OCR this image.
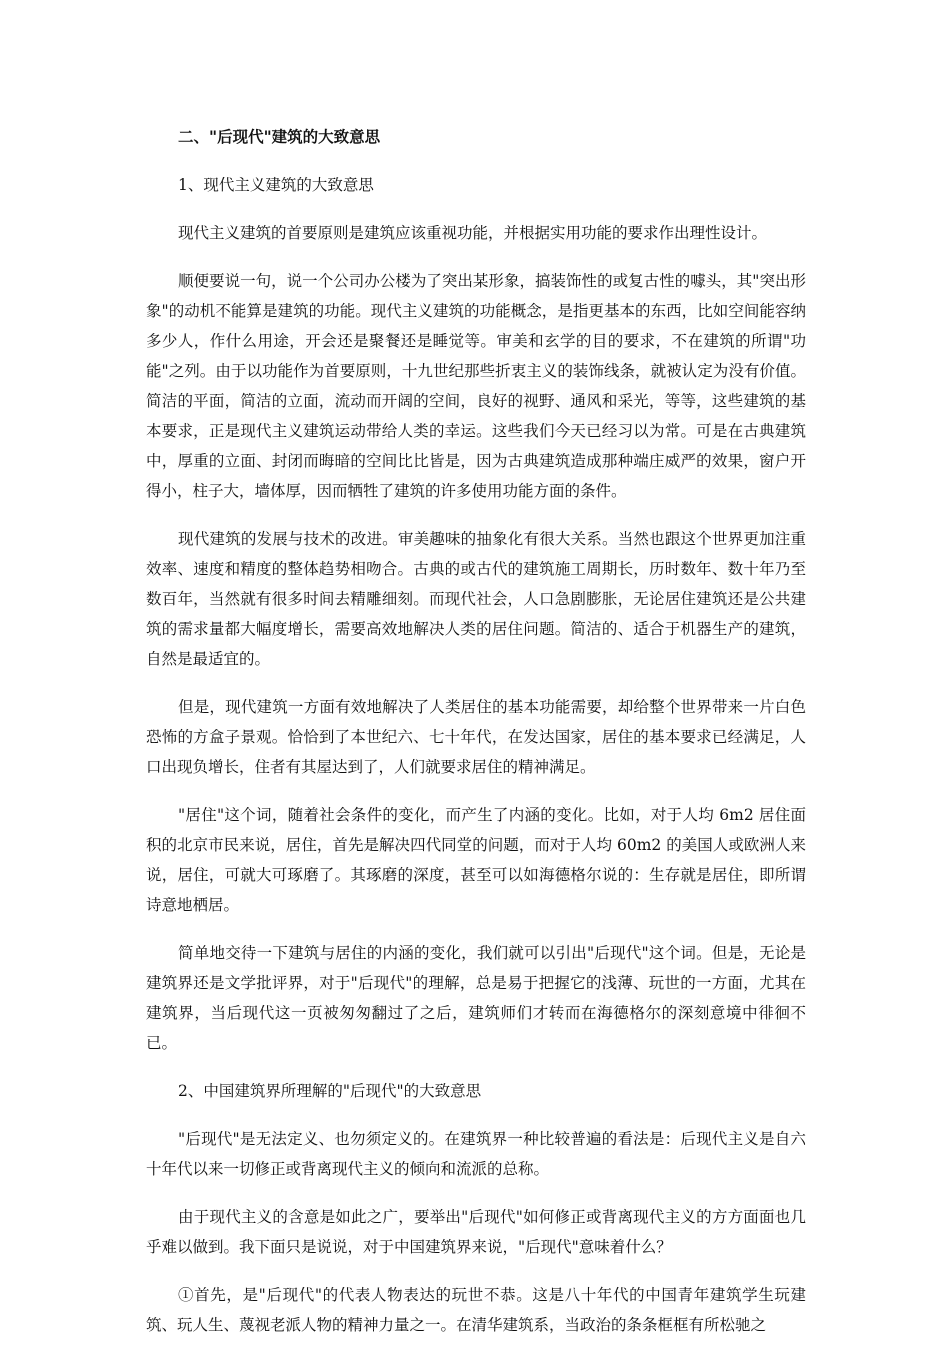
二、"后现代"建筑的大致意思

1、现代主义建筑的大致意思

现代主义建筑的首要原则是建筑应该重视功能，并根据实用功能的要求作出理性设计。

顺便要说一句，说一个公司办公楼为了突出某形象，搞装饰性的或复古性的噱头，其"突出形象"的动机不能算是建筑的功能。现代主义建筑的功能概念，是指更基本的东西，比如空间能容纳多少人，作什么用途，开会还是聚餐还是睡觉等。审美和玄学的目的要求，不在建筑的所谓"功能"之列。由于以功能作为首要原则，十九世纪那些折衷主义的装饰线条，就被认定为没有价值。简洁的平面，简洁的立面，流动而开阔的空间，良好的视野、通风和采光，等等，这些建筑的基本要求，正是现代主义建筑运动带给人类的幸运。这些我们今天已经习以为常。可是在古典建筑中，厚重的立面、封闭而晦暗的空间比比皆是，因为古典建筑造成那种端庄威严的效果，窗户开得小，柱子大，墙体厚，因而牺牲了建筑的许多使用功能方面的条件。

现代建筑的发展与技术的改进。审美趣味的抽象化有很大关系。当然也跟这个世界更加注重效率、速度和精度的整体趋势相吻合。古典的或古代的建筑施工周期长，历时数年、数十年乃至数百年，当然就有很多时间去精雕细刻。而现代社会，人口急剧膨胀，无论居住建筑还是公共建筑的需求量都大幅度增长，需要高效地解决人类的居住问题。简洁的、适合于机器生产的建筑，自然是最适宜的。

但是，现代建筑一方面有效地解决了人类居住的基本功能需要，却给整个世界带来一片白色恐怖的方盒子景观。恰恰到了本世纪六、七十年代，在发达国家，居住的基本要求已经满足，人口出现负增长，住者有其屋达到了，人们就要求居住的精神满足。

"居住"这个词，随着社会条件的变化，而产生了内涵的变化。比如，对于人均 6m2 居住面积的北京市民来说，居住，首先是解决四代同堂的问题，而对于人均 60m2 的美国人或欧洲人来说，居住，可就大可琢磨了。其琢磨的深度，甚至可以如海德格尔说的：生存就是居住，即所谓诗意地栖居。

简单地交待一下建筑与居住的内涵的变化，我们就可以引出"后现代"这个词。但是，无论是建筑界还是文学批评界，对于"后现代"的理解，总是易于把握它的浅薄、玩世的一方面，尤其在建筑界，当后现代这一页被匆匆翻过了之后，建筑师们才转而在海德格尔的深刻意境中徘徊不已。

2、中国建筑界所理解的"后现代"的大致意思

"后现代"是无法定义、也勿须定义的。在建筑界一种比较普遍的看法是：后现代主义是自六十年代以来一切修正或背离现代主义的倾向和流派的总称。

由于现代主义的含意是如此之广，要举出"后现代"如何修正或背离现代主义的方方面面也几乎难以做到。我下面只是说说，对于中国建筑界来说，"后现代"意味着什么？

①首先，是"后现代"的代表人物表达的玩世不恭。这是八十年代的中国青年建筑学生玩建筑、玩人生、蔑视老派人物的精神力量之一。在清华建筑系，当政治的条条框框有所松驰之
